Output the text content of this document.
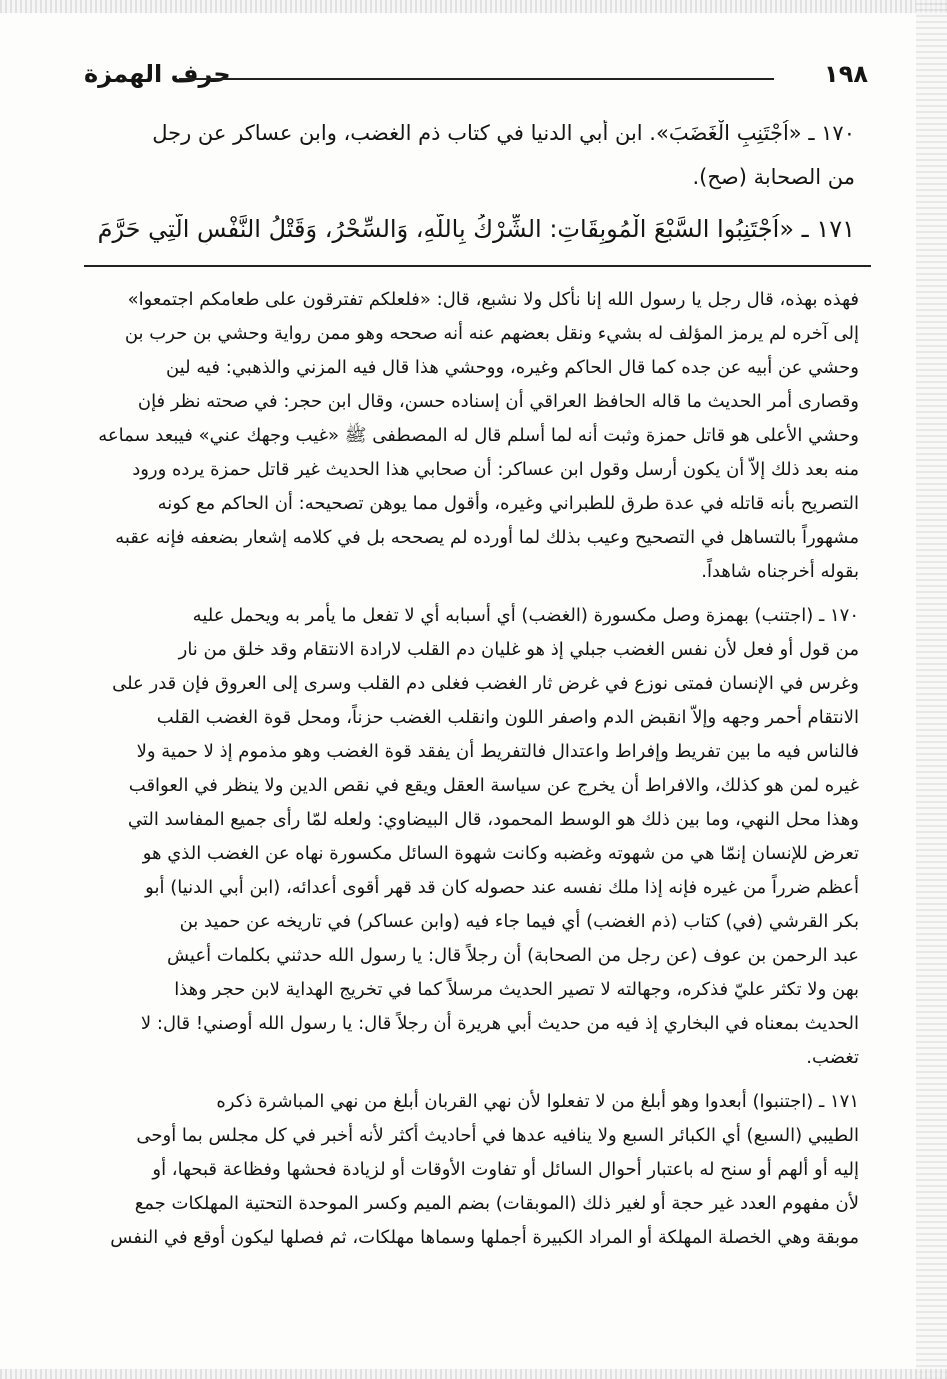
حرف الهمزة	١٩٨
١٧٠ ـ «اُجْتَنِبِ الْغَضَبَ». ابن أبي الدنيا في كتاب ذم الغضب، وابن عساكر عن رجل
من الصحابة (صح).
١٧١ ـ «اُجْتَنِبُوا السَّبْعَ الْمُوبِقَاتِ: الشِّرْكُ بِاللَّهِ، وَالسِّحْرُ، وَقَتْلُ النَّفْسِ الَّتِي حَرَّمَ
فهذه بهذه، قال رجل يا رسول الله إنا نأكل ولا نشبع، قال: «فلعلكم تفترقون على طعامكم اجتمعوا»
إلى آخره لم يرمز المؤلف له بشيء ونقل بعضهم عنه أنه صححه وهو ممن رواية وحشي بن حرب بن
وحشي عن أبيه عن جده كما قال الحاكم وغيره، ووحشي هذا قال فيه المزني والذهبي: فيه لين
وقصارى أمر الحديث ما قاله الحافظ العراقي أن إسناده حسن، وقال ابن حجر: في صحته نظر فإن
وحشي الأعلى هو قاتل حمزة وثبت أنه لما أسلم قال له المصطفى ﷺ «غيب وجهك عني» فيبعد سماعه
منه بعد ذلك إلاّ أن يكون أرسل وقول ابن عساكر: أن صحابي هذا الحديث غير قاتل حمزة يرده ورود
التصريح بأنه قاتله في عدة طرق للطبراني وغيره، وأقول مما يوهن تصحيحه: أن الحاكم مع كونه
مشهوراً بالتساهل في التصحيح وعيب بذلك لما أورده لم يصححه بل في كلامه إشعار بضعفه فإنه عقبه
بقوله أخرجناه شاهداً.
١٧٠ ـ (اجتنب) بهمزة وصل مكسورة (الغضب) أي أسبابه أي لا تفعل ما يأمر به ويحمل عليه
من قول أو فعل لأن نفس الغضب جبلي إذ هو غليان دم القلب لارادة الانتقام وقد خلق من نار
وغرس في الإنسان فمتى نوزع في غرض ثار الغضب فغلى دم القلب وسرى إلى العروق فإن قدر على
الانتقام أحمر وجهه وإلاّ انقبض الدم واصفر اللون وانقلب الغضب حزناً، ومحل قوة الغضب القلب
فالناس فيه ما بين تفريط وإفراط واعتدال فالتفريط أن يفقد قوة الغضب وهو مذموم إذ لا حمية ولا
غيره لمن هو كذلك، والافراط أن يخرج عن سياسة العقل ويقع في نقص الدين ولا ينظر في العواقب
وهذا محل النهي، وما بين ذلك هو الوسط المحمود، قال البيضاوي: ولعله لمّا رأى جميع المفاسد التي
تعرض للإنسان إنمّا هي من شهوته وغضبه وكانت شهوة السائل مكسورة نهاه عن الغضب الذي هو
أعظم ضرراً من غيره فإنه إذا ملك نفسه عند حصوله كان قد قهر أقوى أعدائه، (ابن أبي الدنيا) أبو
بكر القرشي (في) كتاب (ذم الغضب) أي فيما جاء فيه (وابن عساكر) في تاريخه عن حميد بن
عبد الرحمن بن عوف (عن رجل من الصحابة) أن رجلاً قال: يا رسول الله حدثني بكلمات أعيش
بهن ولا تكثر عليّ فذكره، وجهالته لا تصير الحديث مرسلاً كما في تخريج الهداية لابن حجر وهذا
الحديث بمعناه في البخاري إذ فيه من حديث أبي هريرة أن رجلاً قال: يا رسول الله أوصني! قال: لا
تغضب.
١٧١ ـ (اجتنبوا) أبعدوا وهو أبلغ من لا تفعلوا لأن نهي القربان أبلغ من نهي المباشرة ذكره
الطيبي (السبع) أي الكبائر السبع ولا ينافيه عدها في أحاديث أكثر لأنه أخبر في كل مجلس بما أوحى
إليه أو ألهم أو سنح له باعتبار أحوال السائل أو تفاوت الأوقات أو لزيادة فحشها وفظاعة قبحها، أو
لأن مفهوم العدد غير حجة أو لغير ذلك (الموبقات) بضم الميم وكسر الموحدة التحتية المهلكات جمع
موبقة وهي الخصلة المهلكة أو المراد الكبيرة أجملها وسماها مهلكات، ثم فصلها ليكون أوقع في النفس
